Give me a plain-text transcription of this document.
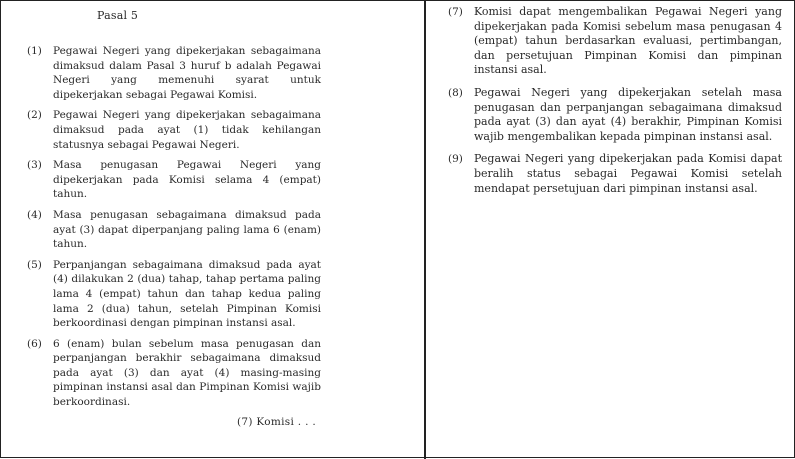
Pasal 5
(1)	Pegawai Negeri yang dipekerjakan sebagaimana dimaksud dalam Pasal 3 huruf b adalah Pegawai Negeri yang memenuhi syarat untuk dipekerjakan sebagai Pegawai Komisi.
(2)	Pegawai Negeri yang dipekerjakan sebagaimana dimaksud pada ayat (1) tidak kehilangan statusnya sebagai Pegawai Negeri.
(3)	Masa penugasan Pegawai Negeri yang dipekerjakan pada Komisi selama 4 (empat) tahun.
(4)	Masa penugasan sebagaimana dimaksud pada ayat (3) dapat diperpanjang paling lama 6 (enam) tahun.
(5)	Perpanjangan sebagaimana dimaksud pada ayat (4) dilakukan 2 (dua) tahap, tahap pertama paling lama 4 (empat) tahun dan tahap kedua paling lama 2 (dua) tahun, setelah Pimpinan Komisi berkoordinasi dengan pimpinan instansi asal.
(6)	6 (enam) bulan sebelum masa penugasan dan perpanjangan berakhir sebagaimana dimaksud pada ayat (3) dan ayat (4) masing-masing pimpinan instansi asal dan Pimpinan Komisi wajib berkoordinasi.
(7) Komisi . . .
(7)	Komisi dapat mengembalikan Pegawai Negeri yang dipekerjakan pada Komisi sebelum masa penugasan 4 (empat) tahun berdasarkan evaluasi, pertimbangan, dan persetujuan Pimpinan Komisi dan pimpinan instansi asal.
(8)	Pegawai Negeri yang dipekerjakan setelah masa penugasan dan perpanjangan sebagaimana dimaksud pada ayat (3) dan ayat (4) berakhir, Pimpinan Komisi wajib mengembalikan kepada pimpinan instansi asal.
(9)	Pegawai Negeri yang dipekerjakan pada Komisi dapat beralih status sebagai Pegawai Komisi setelah mendapat persetujuan dari pimpinan instansi asal.
